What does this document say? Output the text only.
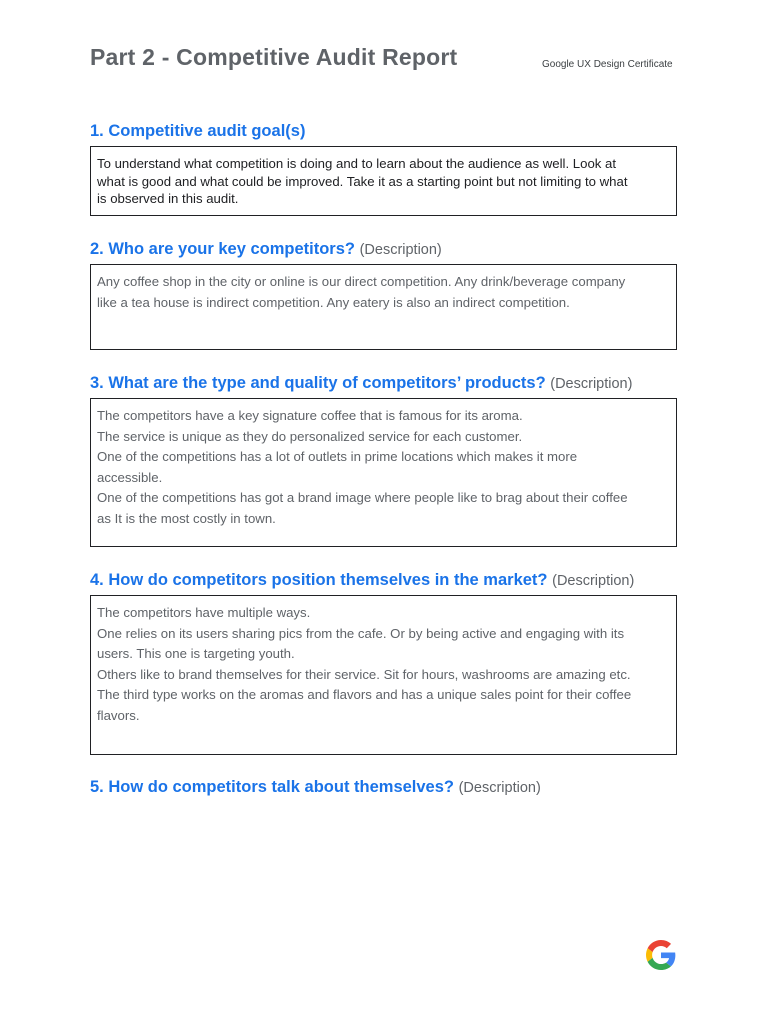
Part 2 - Competitive Audit Report	Google UX Design Certificate
1. Competitive audit goal(s)
To understand what competition is doing and to learn about the audience as well. Look at
what is good and what could be improved. Take it as a starting point but not limiting to what
is observed in this audit.
2. Who are your key competitors? (Description)
Any coffee shop in the city or online is our direct competition. Any drink/beverage company
like a tea house is indirect competition. Any eatery is also an indirect competition.
3. What are the type and quality of competitors’ products? (Description)
The competitors have a key signature coffee that is famous for its aroma.
The service is unique as they do personalized service for each customer.
One of the competitions has a lot of outlets in prime locations which makes it more
accessible.
One of the competitions has got a brand image where people like to brag about their coffee
as It is the most costly in town.
4. How do competitors position themselves in the market? (Description)
The competitors have multiple ways.
One relies on its users sharing pics from the cafe. Or by being active and engaging with its
users. This one is targeting youth.
Others like to brand themselves for their service. Sit for hours, washrooms are amazing etc.
The third type works on the aromas and flavors and has a unique sales point for their coffee
flavors.
5. How do competitors talk about themselves? (Description)
